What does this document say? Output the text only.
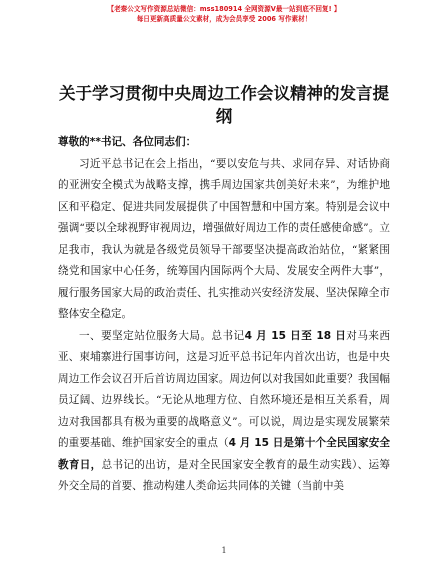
【老秦公文写作资源总站微信：mss180914 全网资源V最一站到底不回复! 】
每日更新高质量公文素材，成为会员享受 2006 写作素材！
关于学习贯彻中央周边工作会议精神的发言提纲

尊敬的**书记、各位同志们：

习近平总书记在会上指出，“要以安危与共、求同存异、对话协商的亚洲安全模式为战略支撑，携手周边国家共创美好未来”，为维护地区和平稳定、促进共同发展提供了中国智慧和中国方案。特别是会议中强调“要以全球视野审视周边，增强做好周边工作的责任感使命感”。立足我市，我认为就是各级党员领导干部要坚决提高政治站位，“紧紧围绕党和国家中心任务，统筹国内国际两个大局、发展安全两件大事”，履行服务国家大局的政治责任、扎实推动兴安经济发展、坚决保障全市整体安全稳定。

一、要坚定站位服务大局。总书记4 月 15 日至 18 日对马来西亚、柬埔寨进行国事访问，这是习近平总书记年内首次出访，也是中央周边工作会议召开后首访周边国家。周边何以对我国如此重要？我国幅员辽阔、边界线长。“无论从地理方位、自然环境还是相互关系看，周边对我国都具有极为重要的战略意义”。可以说，周边是实现发展繁荣的重要基础、维护国家安全的重点（4 月 15 日是第十个全民国家安全教育日，总书记的出访，是对全民国家安全教育的最生动实践）、运筹外交全局的首要、推动构建人类命运共同体的关键（当前中美

1
